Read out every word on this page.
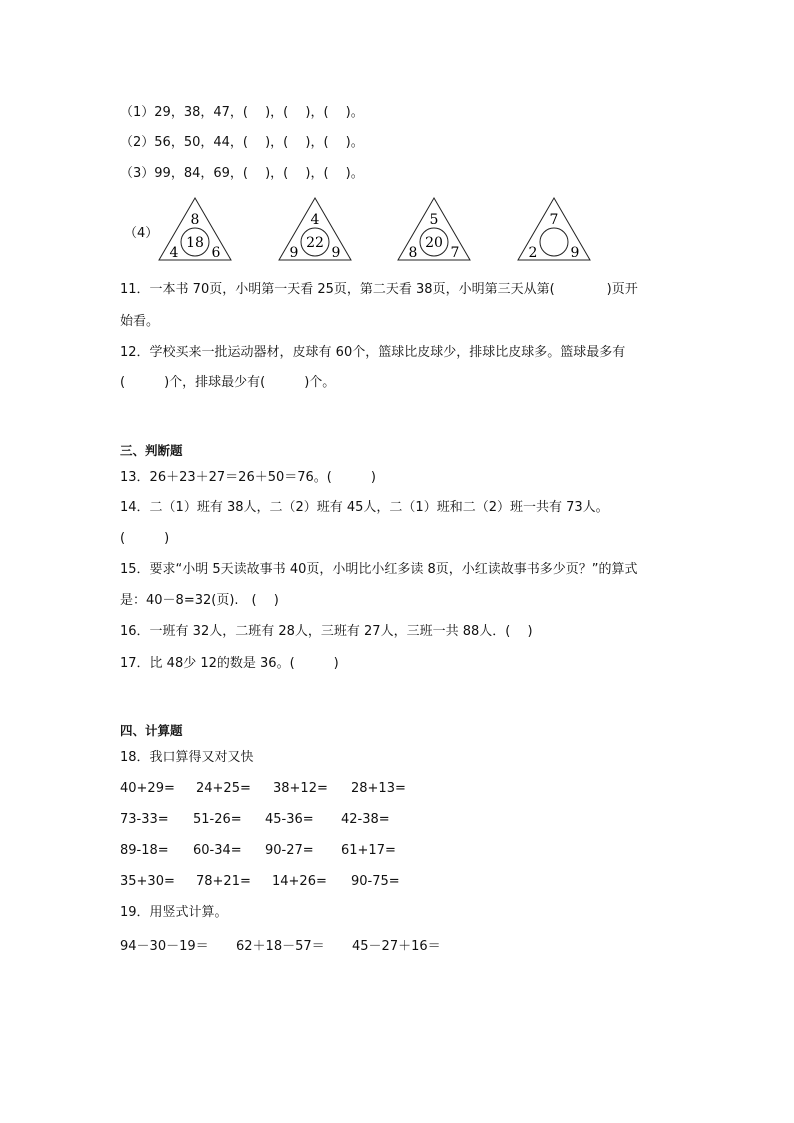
（1）29，38，47，(　 )，(　 )，(　 )。
（2）56，50，44，(　 )，(　 )，(　 )。
（3）99，84，69，(　 )，(　 )，(　 )。
（4）
8
4 6
18
4
9 9
22
5
8 7
20
7
2 9
11．一本书 70页，小明第一天看 25页，第二天看 38页，小明第三天从第(　　　　)页开
始看。
12．学校买来一批运动器材，皮球有 60个，篮球比皮球少，排球比皮球多。篮球最多有
(　　　)个，排球最少有(　　　)个。
三、判断题
13．26＋23＋27＝26＋50＝76。(　　　)
14．二（1）班有 38人，二（2）班有 45人，二（1）班和二（2）班一共有 73人。
(　　　)
15．要求“小明 5天读故事书 40页，小明比小红多读 8页，小红读故事书多少页？”的算式
是：40－8=32(页).　(　 )
16．一班有 32人，二班有 28人，三班有 27人，三班一共 88人．(　 )
17．比 48少 12的数是 36。(　　　)
四、计算题
18．我口算得又对又快
40+29= 24+25= 38+12= 28+13=
73-33= 51-26= 45-36= 42-38=
89-18= 60-34= 90-27= 61+17=
35+30= 78+21= 14+26= 90-75=
19．用竖式计算。
94－30－19＝ 62＋18－57＝ 45－27＋16＝
